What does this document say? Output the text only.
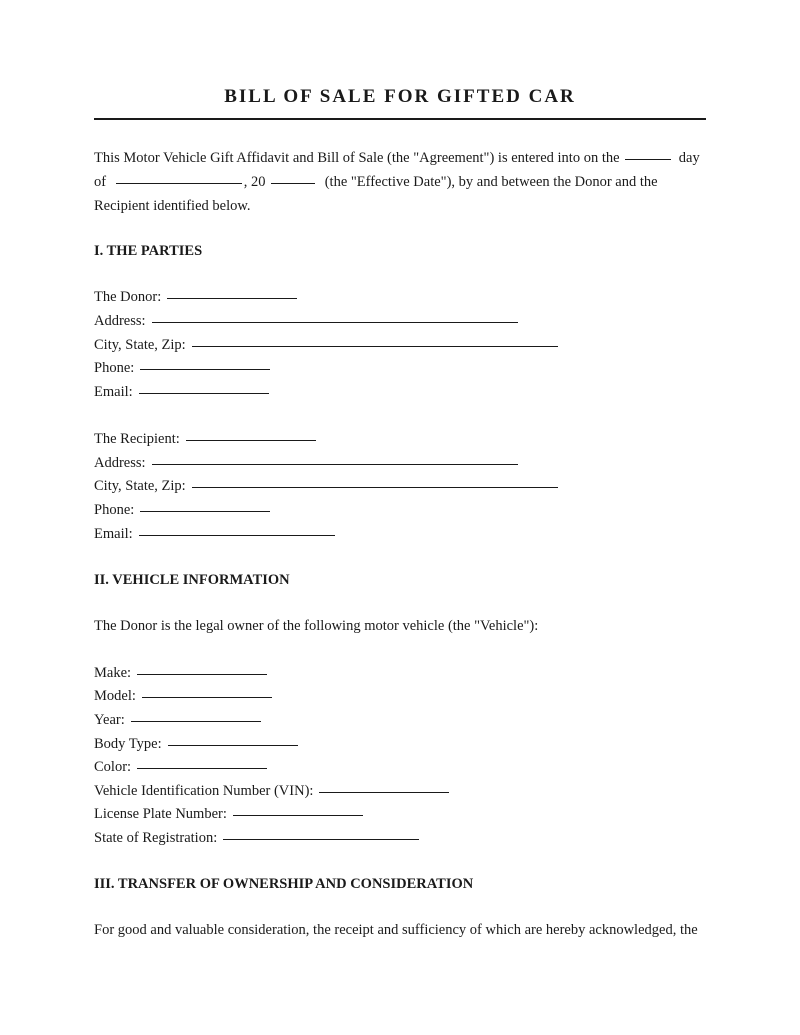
BILL OF SALE FOR GIFTED CAR
This Motor Vehicle Gift Affidavit and Bill of Sale (the "Agreement") is entered into on the	day
of	, 20	(the "Effective Date"), by and between the Donor and the
Recipient identified below.
I. THE PARTIES
The Donor:
Address:
City, State, Zip:
Phone:
Email:
The Recipient:
Address:
City, State, Zip:
Phone:
Email:
II. VEHICLE INFORMATION
The Donor is the legal owner of the following motor vehicle (the "Vehicle"):
Make:
Model:
Year:
Body Type:
Color:
Vehicle Identification Number (VIN):
License Plate Number:
State of Registration:
III. TRANSFER OF OWNERSHIP AND CONSIDERATION
For good and valuable consideration, the receipt and sufficiency of which are hereby acknowledged, the
